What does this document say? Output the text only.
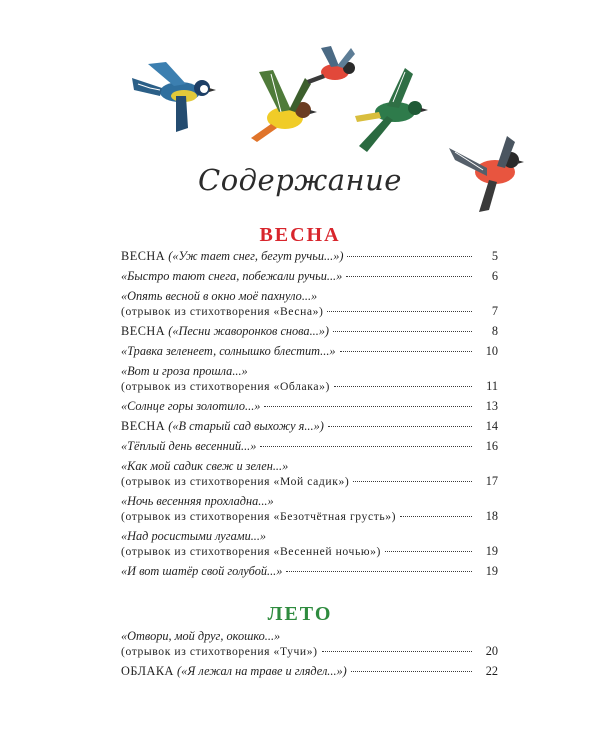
Содержание
ВЕСНА
ВЕСНА
(«Уж тает снег, бегут ручьи...»)	5
«Быстро тают снега, побежали ручьи...»	6
«Опять весной в окно моё пахнуло...»
(отрывок из стихотворения «Весна»)	7
ВЕСНА
(«Песни жаворонков снова...»)	8
«Травка зеленеет, солнышко блестит...»	10
«Вот и гроза прошла...»
(отрывок из стихотворения «Облака»)	11
«Солнце горы золотило...»	13
ВЕСНА
(«В старый сад выхожу я...»)	14
«Тёплый день весенний...»	16
«Как мой садик свеж и зелен...»
(отрывок из стихотворения «Мой садик»)	17
«Ночь весенняя прохладна...»
(отрывок из стихотворения «Безотчётная грусть»)	18
«Над росистыми лугами...»
(отрывок из стихотворения «Весенней ночью»)	19
«И вот шатёр свой голубой...»	19
ЛЕТО
«Отвори, мой друг, окошко...»
(отрывок из стихотворения «Тучи»)	20
ОБЛАКА
(«Я лежал на траве и глядел...»)	22
